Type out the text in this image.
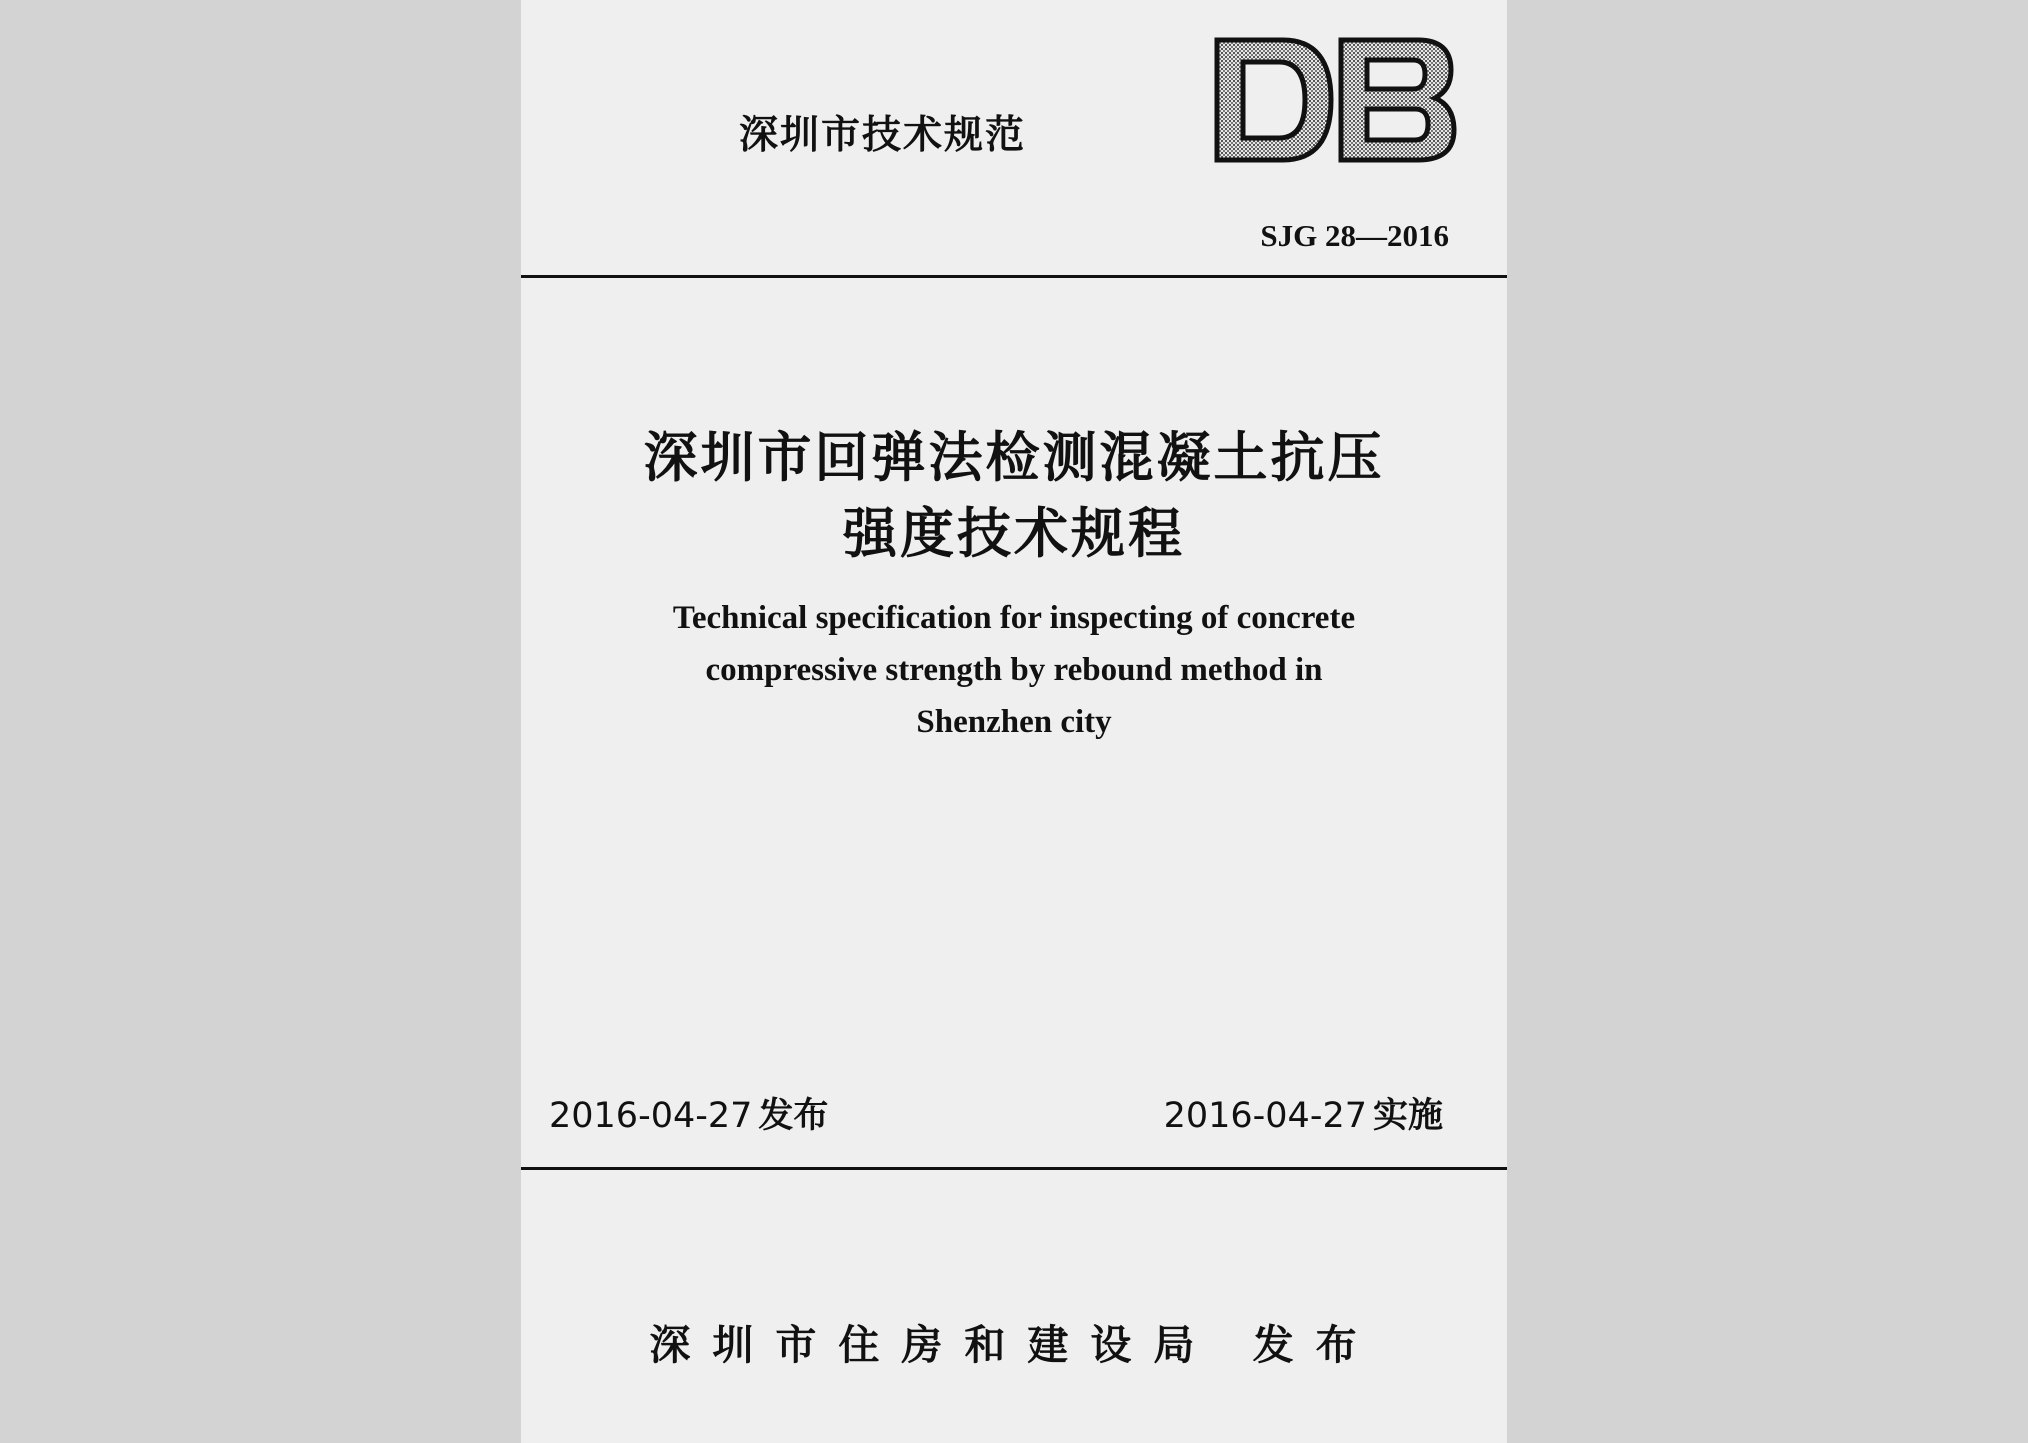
深圳市技术规范
SJG 28—2016
深圳市回弹法检测混凝土抗压
强度技术规程
Technical specification for inspecting of concrete
compressive strength by rebound method in
Shenzhen city
2016-04-27 发布	2016-04-27 实施
深圳市住房和建设局 发布
